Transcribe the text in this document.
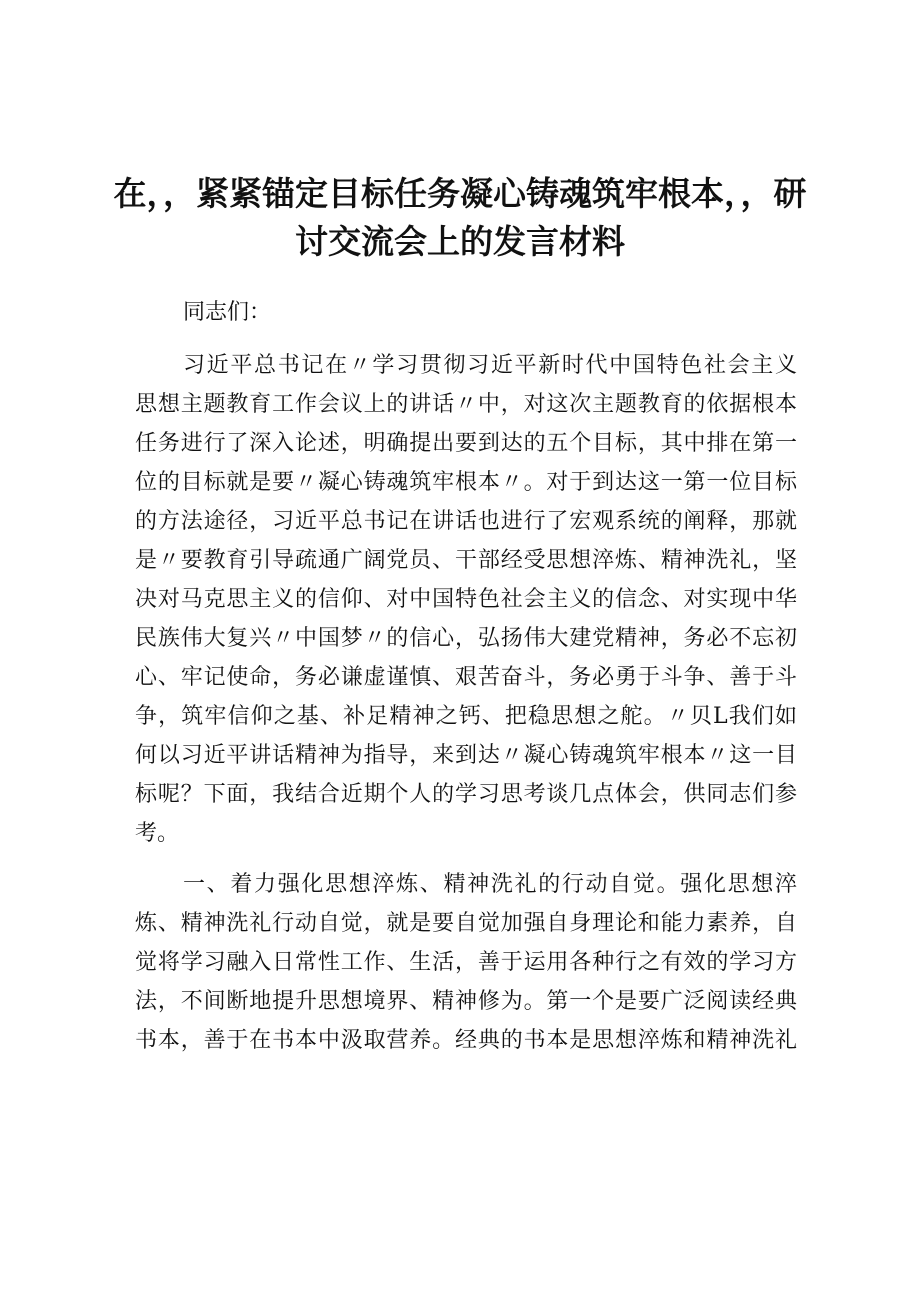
在，，紧紧锚定目标任务凝心铸魂筑牢根本，，研
讨交流会上的发言材料
同志们：
习近平总书记在〃学习贯彻习近平新时代中国特色社会主义
思想主题教育工作会议上的讲话〃中，对这次主题教育的依据根本
任务进行了深入论述，明确提出要到达的五个目标，其中排在第一
位的目标就是要〃凝心铸魂筑牢根本〃。对于到达这一第一位目标
的方法途径，习近平总书记在讲话也进行了宏观系统的阐释，那就
是〃要教育引导疏通广阔党员、干部经受思想淬炼、精神洗礼，坚
决对马克思主义的信仰、对中国特色社会主义的信念、对实现中华
民族伟大复兴〃中国梦〃的信心，弘扬伟大建党精神，务必不忘初
心、牢记使命，务必谦虚谨慎、艰苦奋斗，务必勇于斗争、善于斗
争，筑牢信仰之基、补足精神之钙、把稳思想之舵。〃贝L我们如
何以习近平讲话精神为指导，来到达〃凝心铸魂筑牢根本〃这一目
标呢？下面，我结合近期个人的学习思考谈几点体会，供同志们参
考。
一、着力强化思想淬炼、精神洗礼的行动自觉。强化思想淬
炼、精神洗礼行动自觉，就是要自觉加强自身理论和能力素养，自
觉将学习融入日常性工作、生活，善于运用各种行之有效的学习方
法，不间断地提升思想境界、精神修为。第一个是要广泛阅读经典
书本，善于在书本中汲取营养。经典的书本是思想淬炼和精神洗礼
